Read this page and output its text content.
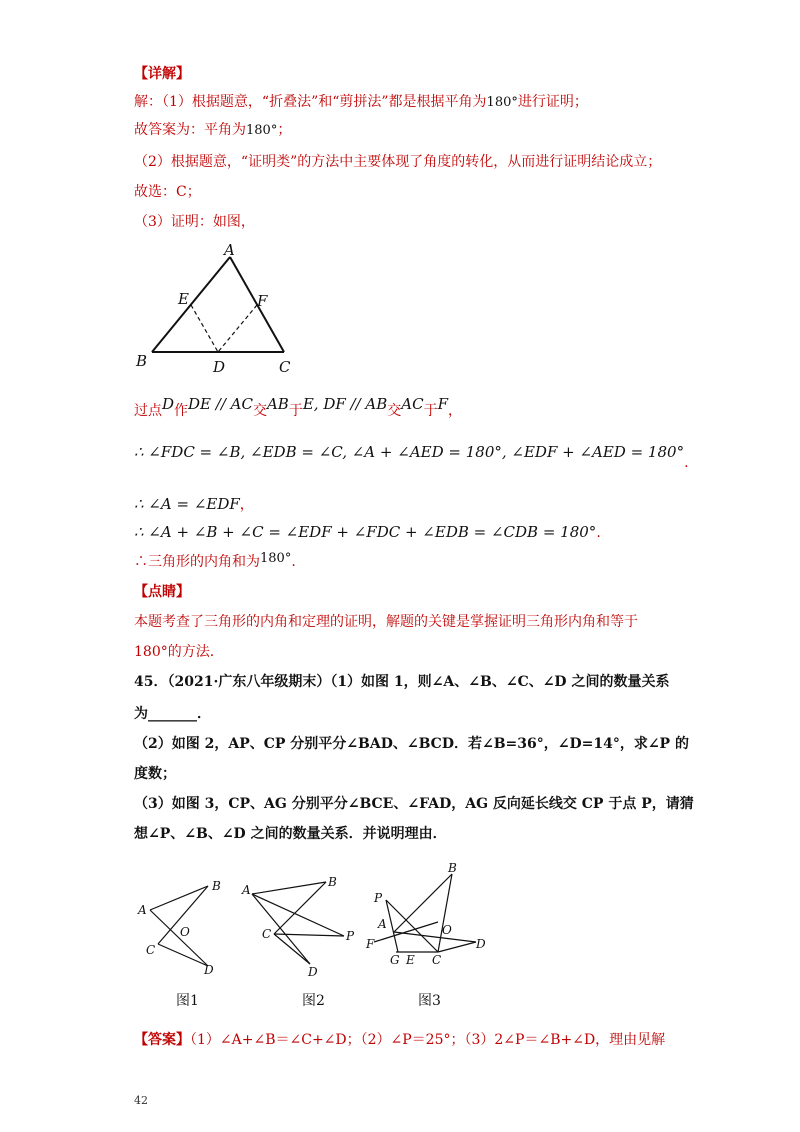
【详解】
解：（1）根据题意，“折叠法”和“剪拼法”都是根据平角为180°进行证明；
故答案为：平角为180°；
（2）根据题意，“证明类”的方法中主要体现了角度的转化，从而进行证明结论成立；
故选：C；
（3）证明：如图，
A
B	C
D
E	F
过点D作DE // AC交AB于E, DF // AB交AC于F，
∴ ∠FDC = ∠B, ∠EDB = ∠C, ∠A + ∠AED = 180°, ∠EDF + ∠AED = 180°.
∴ ∠A = ∠EDF，
∴ ∠A + ∠B + ∠C = ∠EDF + ∠FDC + ∠EDB = ∠CDB = 180°.
∴三角形的内角和为180°.
【点睛】
本题考查了三角形的内角和定理的证明，解题的关键是掌握证明三角形内角和等于
180°的方法.
45．（2021·广东八年级期末）（1）如图 1，则∠A、∠B、∠C、∠D 之间的数量关系
为_______．
（2）如图 2，AP、CP 分别平分∠BAD、∠BCD．若∠B=36°，∠D=14°，求∠P 的
度数；
（3）如图 3，CP、AG 分别平分∠BCE、∠FAD，AG 反向延长线交 CP 于点 P，请猜
想∠P、∠B、∠D 之间的数量关系．并说明理由．
A
B
C
D
O
图1
A
B
C
D
P
图2
B
P
A
F
O
D
G E C
图3
【答案】（1）∠A+∠B＝∠C+∠D；（2）∠P＝25°；（3）2∠P＝∠B+∠D，理由见解
42
